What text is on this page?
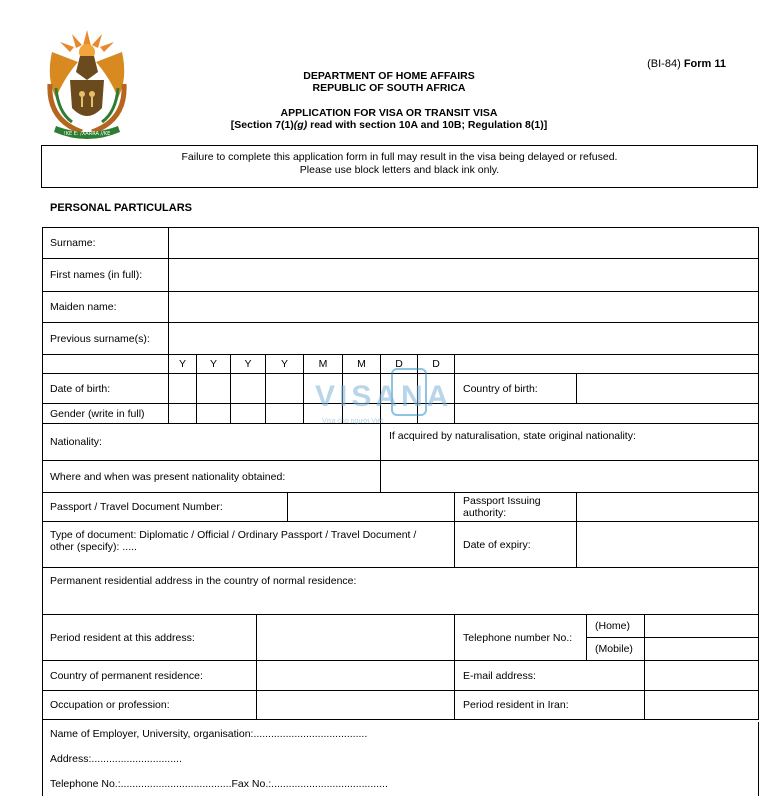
!KE E: /XARRA //KE
(BI-84) Form 11
DEPARTMENT OF HOME AFFAIRS
REPUBLIC OF SOUTH AFRICA
APPLICATION FOR VISA OR TRANSIT VISA
[Section 7(1)(g) read with section 10A and 10B; Regulation 8(1)]
Failure to complete this application form in full may result in the visa being delayed or refused.
Please use block letters and black ink only.
PERSONAL PARTICULARS
Surname:
First names (in full):
Maiden name:
Previous surname(s):
Y	Y	Y	Y	M	M	D	D
Date of birth:	Country of birth:
Gender (write in full)
Nationality:	If acquired by naturalisation, state original nationality:
Where and when was present nationality obtained:
Passport / Travel Document Number:	Passport Issuing authority:
Type of document: Diplomatic / Official / Ordinary Passport / Travel Document / other (specify): .....	Date of expiry:
Permanent residential address in the country of normal residence:
Period resident at this address:	Telephone number No.:
(Home)
(Mobile)
Country of permanent residence:	E-mail address:
Occupation or profession:	Period resident in Iran:
Name of Employer, University, organisation:.......................................
Address:...............................
Telephone No.:......................................Fax No.:........................................
VISANA
Visa cho người Việt
